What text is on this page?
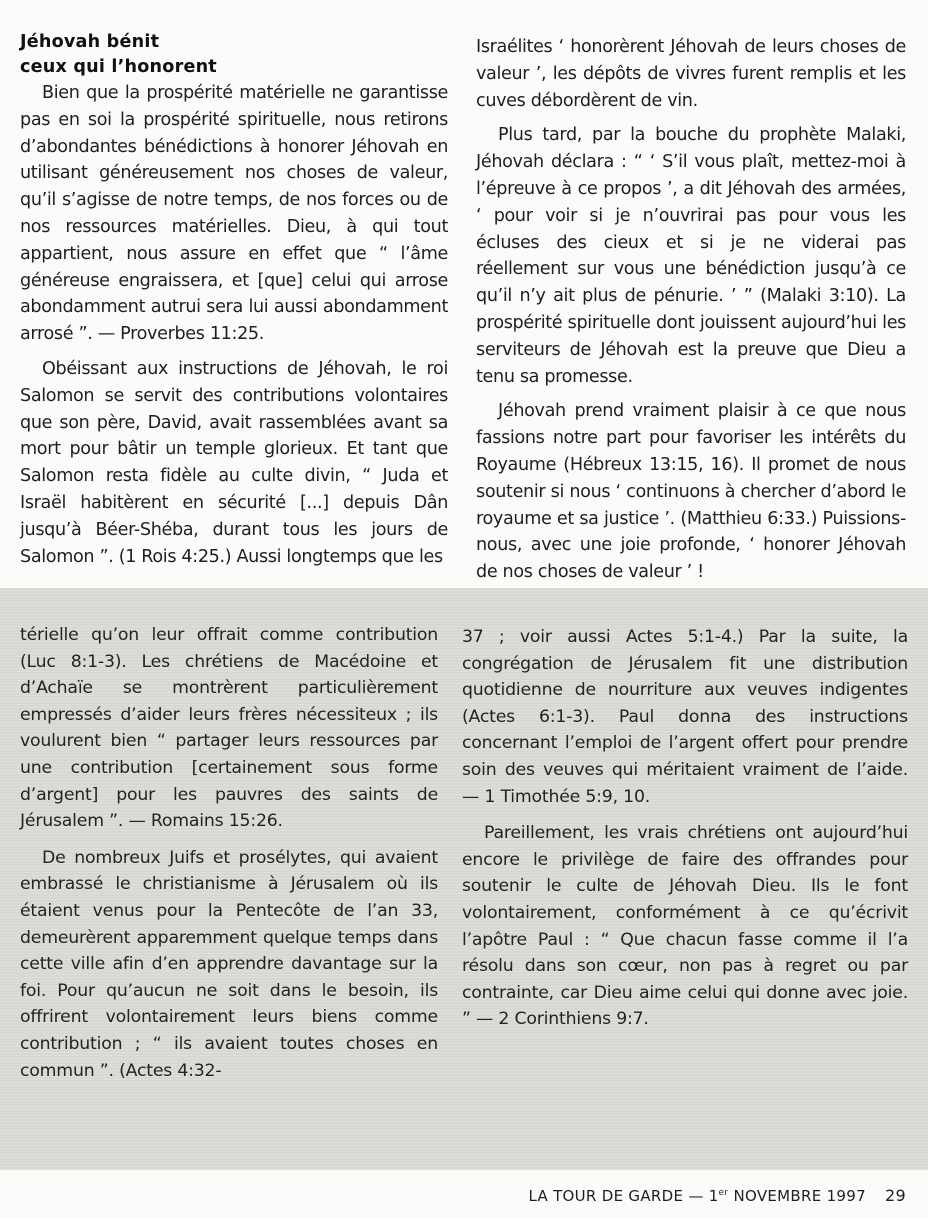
Jéhovah bénit
ceux qui l’honorent

Bien que la prospérité matérielle ne garantisse pas en soi la prospérité spirituelle, nous retirons d’abondantes bénédictions à honorer Jéhovah en utilisant généreusement nos choses de valeur, qu’il s’agisse de notre temps, de nos forces ou de nos ressources matérielles. Dieu, à qui tout appartient, nous assure en effet que “ l’âme généreuse engraissera, et [que] celui qui arrose abondamment autrui sera lui aussi abondamment arrosé ”. — Proverbes 11:25.

Obéissant aux instructions de Jéhovah, le roi Salomon se servit des contributions volontaires que son père, David, avait rassemblées avant sa mort pour bâtir un temple glorieux. Et tant que Salomon resta fidèle au culte divin, “ Juda et Israël habitèrent en sécurité [...] depuis Dân jusqu’à Béer-Shéba, durant tous les jours de Salomon ”. (1 Rois 4:25.) Aussi longtemps que les

Israélites ‘ honorèrent Jéhovah de leurs choses de valeur ’, les dépôts de vivres furent remplis et les cuves débordèrent de vin.

Plus tard, par la bouche du prophète Malaki, Jéhovah déclara : “ ‘ S’il vous plaît, mettez-moi à l’épreuve à ce propos ’, a dit Jéhovah des armées, ‘ pour voir si je n’ouvrirai pas pour vous les écluses des cieux et si je ne viderai pas réellement sur vous une bénédiction jusqu’à ce qu’il n’y ait plus de pénurie. ’ ” (Malaki 3:10). La prospérité spirituelle dont jouissent aujourd’hui les serviteurs de Jéhovah est la preuve que Dieu a tenu sa promesse.

Jéhovah prend vraiment plaisir à ce que nous fassions notre part pour favoriser les intérêts du Royaume (Hébreux 13:15, 16). Il promet de nous soutenir si nous ‘ continuons à chercher d’abord le royaume et sa justice ’. (Matthieu 6:33.) Puissions-nous, avec une joie profonde, ‘ honorer Jéhovah de nos choses de valeur ’ !

térielle qu’on leur offrait comme contribution (Luc 8:1-3). Les chrétiens de Macédoine et d’Achaïe se montrèrent particulièrement empressés d’aider leurs frères nécessiteux ; ils voulurent bien “ partager leurs ressources par une contribution [certainement sous forme d’argent] pour les pauvres des saints de Jérusalem ”. — Romains 15:26.

De nombreux Juifs et prosélytes, qui avaient embrassé le christianisme à Jérusalem où ils étaient venus pour la Pentecôte de l’an 33, demeurèrent apparemment quelque temps dans cette ville afin d’en apprendre davantage sur la foi. Pour qu’aucun ne soit dans le besoin, ils offrirent volontairement leurs biens comme contribution ; “ ils avaient toutes choses en commun ”. (Actes 4:32-

37 ; voir aussi Actes 5:1-4.) Par la suite, la congrégation de Jérusalem fit une distribution quotidienne de nourriture aux veuves indigentes (Actes 6:1-3). Paul donna des instructions concernant l’emploi de l’argent offert pour prendre soin des veuves qui méritaient vraiment de l’aide. — 1 Timothée 5:9, 10.

Pareillement, les vrais chrétiens ont aujourd’hui encore le privilège de faire des offrandes pour soutenir le culte de Jéhovah Dieu. Ils le font volontairement, conformément à ce qu’écrivit l’apôtre Paul : “ Que chacun fasse comme il l’a résolu dans son cœur, non pas à regret ou par contrainte, car Dieu aime celui qui donne avec joie. ” — 2 Corinthiens 9:7.

LA TOUR DE GARDE — 1er NOVEMBRE 1997 29
